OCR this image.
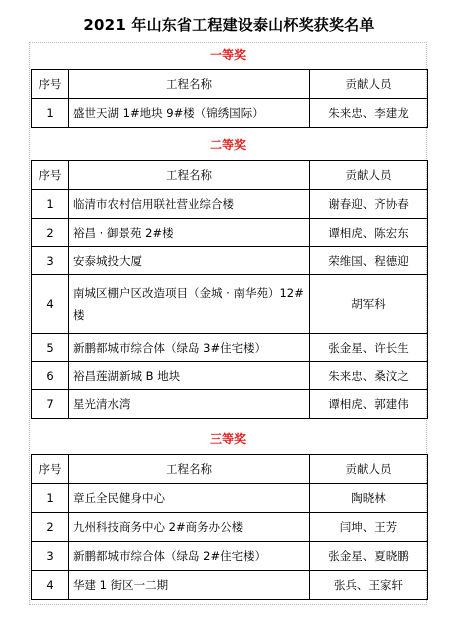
2021 年山东省工程建设泰山杯奖获奖名单
一等奖
序号	工程名称	贡献人员
1	盛世天湖 1#地块 9#楼（锦绣国际）	朱来忠、李建龙
二等奖
序号	工程名称	贡献人员
1	临清市农村信用联社营业综合楼	谢春迎、齐协春
2	裕昌 · 御景苑 2#楼	谭相虎、陈宏东
3	安泰城投大厦	荣维国、程德迎
4	南城区棚户区改造项目（金城 · 南华苑）12#楼	胡军科
5	新鹏都城市综合体（绿岛 3#住宅楼）	张金星、许长生
6	裕昌莲湖新城 B 地块	朱来忠、桑汶之
7	星光清水湾	谭相虎、郭建伟
三等奖
序号	工程名称	贡献人员
1	章丘全民健身中心	陶晓林
2	九州科技商务中心 2#商务办公楼	闫坤、王芳
3	新鹏都城市综合体（绿岛 2#住宅楼）	张金星、夏晓鹏
4	华建 1 街区一二期	张兵、王家轩
